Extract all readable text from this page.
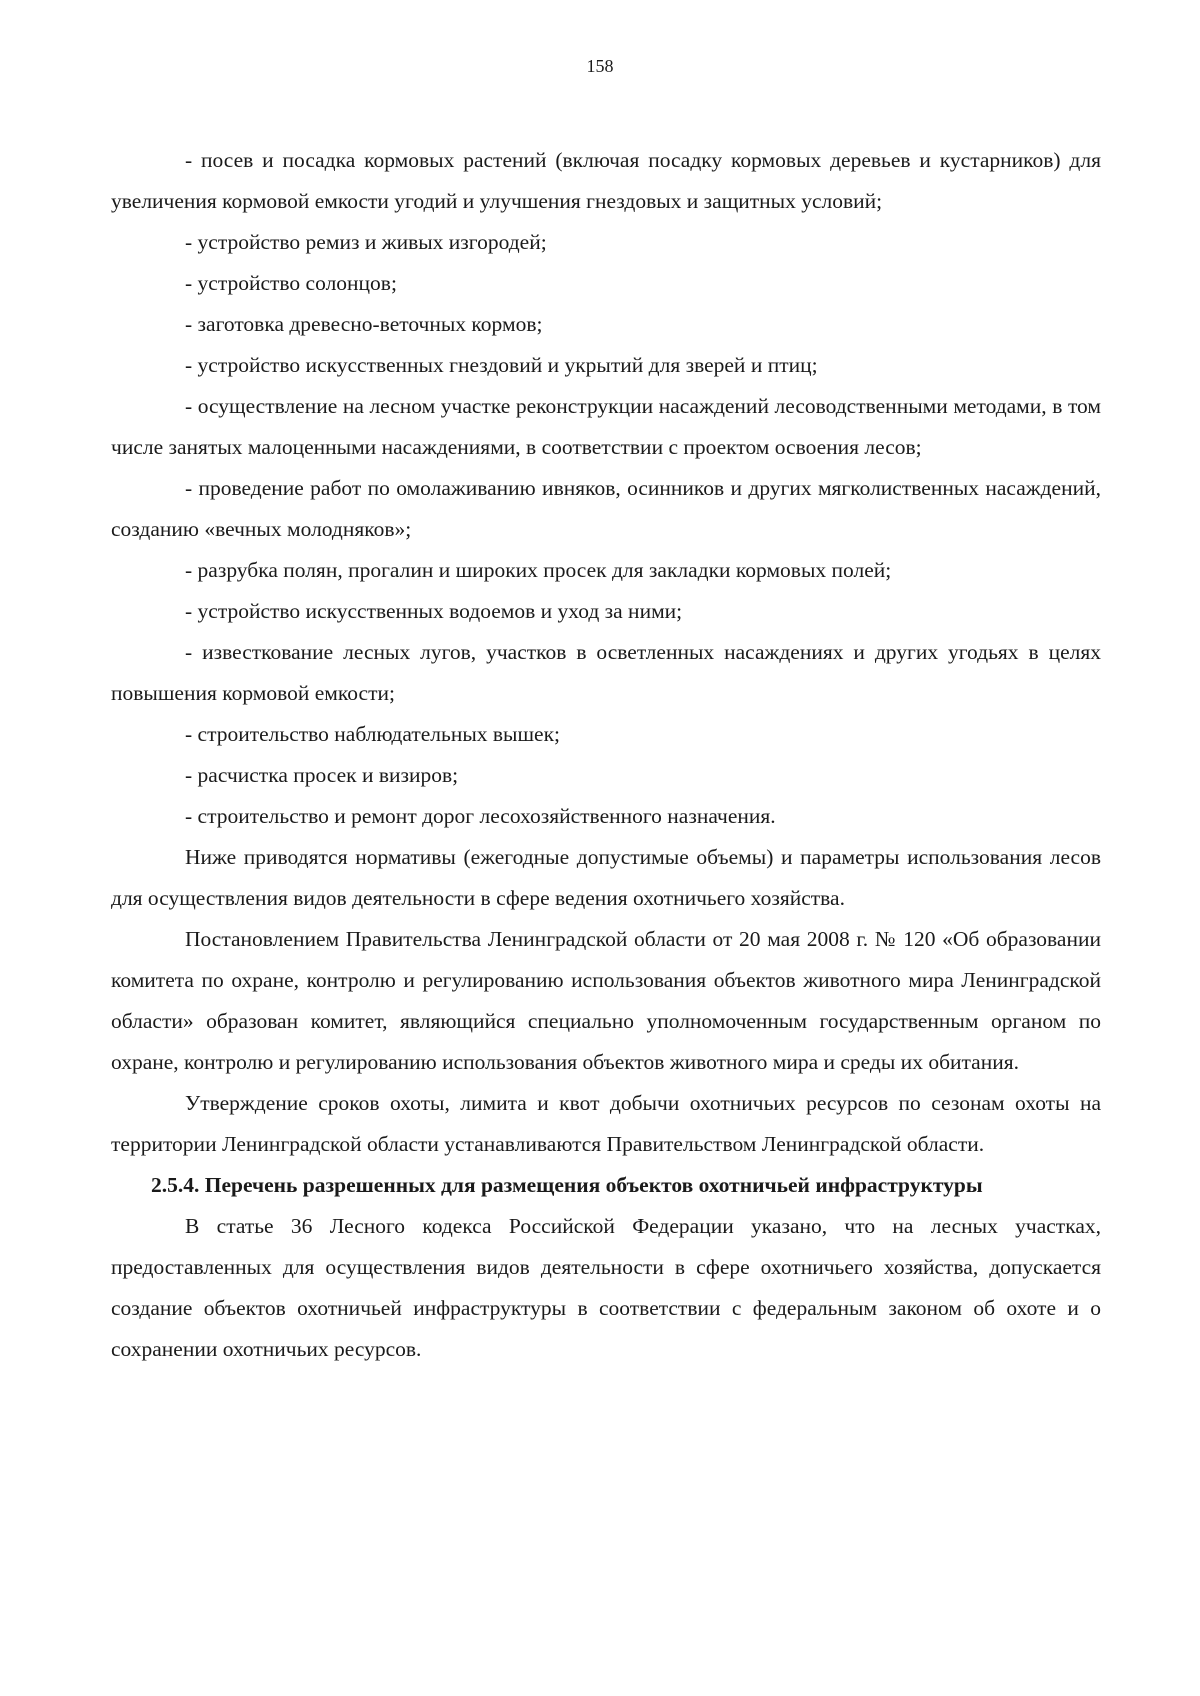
158

- посев и посадка кормовых растений (включая посадку кормовых деревьев и кустарников) для увеличения кормовой емкости угодий и улучшения гнездовых и защитных условий;

- устройство ремиз и живых изгородей;

- устройство солонцов;

- заготовка древесно-веточных кормов;

- устройство искусственных гнездовий и укрытий для зверей и птиц;

- осуществление на лесном участке реконструкции насаждений лесоводственными методами, в том числе занятых малоценными насаждениями, в соответствии с проектом освоения лесов;

- проведение работ по омолаживанию ивняков, осинников и других мягколиственных насаждений, созданию «вечных молодняков»;

- разрубка полян, прогалин и широких просек для закладки кормовых полей;

- устройство искусственных водоемов и уход за ними;

- известкование лесных лугов, участков в осветленных насаждениях и других угодьях в целях повышения кормовой емкости;

- строительство наблюдательных вышек;

- расчистка просек и визиров;

- строительство и ремонт дорог лесохозяйственного назначения.

Ниже приводятся нормативы (ежегодные допустимые объемы) и параметры использования лесов для осуществления видов деятельности в сфере ведения охотничьего хозяйства.

Постановлением Правительства Ленинградской области от 20 мая 2008 г. № 120 «Об образовании комитета по охране, контролю и регулированию использования объектов животного мира Ленинградской области» образован комитет, являющийся специально уполномоченным государственным органом по охране, контролю и регулированию использования объектов животного мира и среды их обитания.

Утверждение сроков охоты, лимита и квот добычи охотничьих ресурсов по сезонам охоты на территории Ленинградской области устанавливаются Правительством Ленинградской области.

2.5.4. Перечень разрешенных для размещения объектов охотничьей инфраструктуры

В статье 36 Лесного кодекса Российской Федерации указано, что на лесных участках, предоставленных для осуществления видов деятельности в сфере охотничьего хозяйства, допускается создание объектов охотничьей инфраструктуры в соответствии с федеральным законом об охоте и о сохранении охотничьих ресурсов.
